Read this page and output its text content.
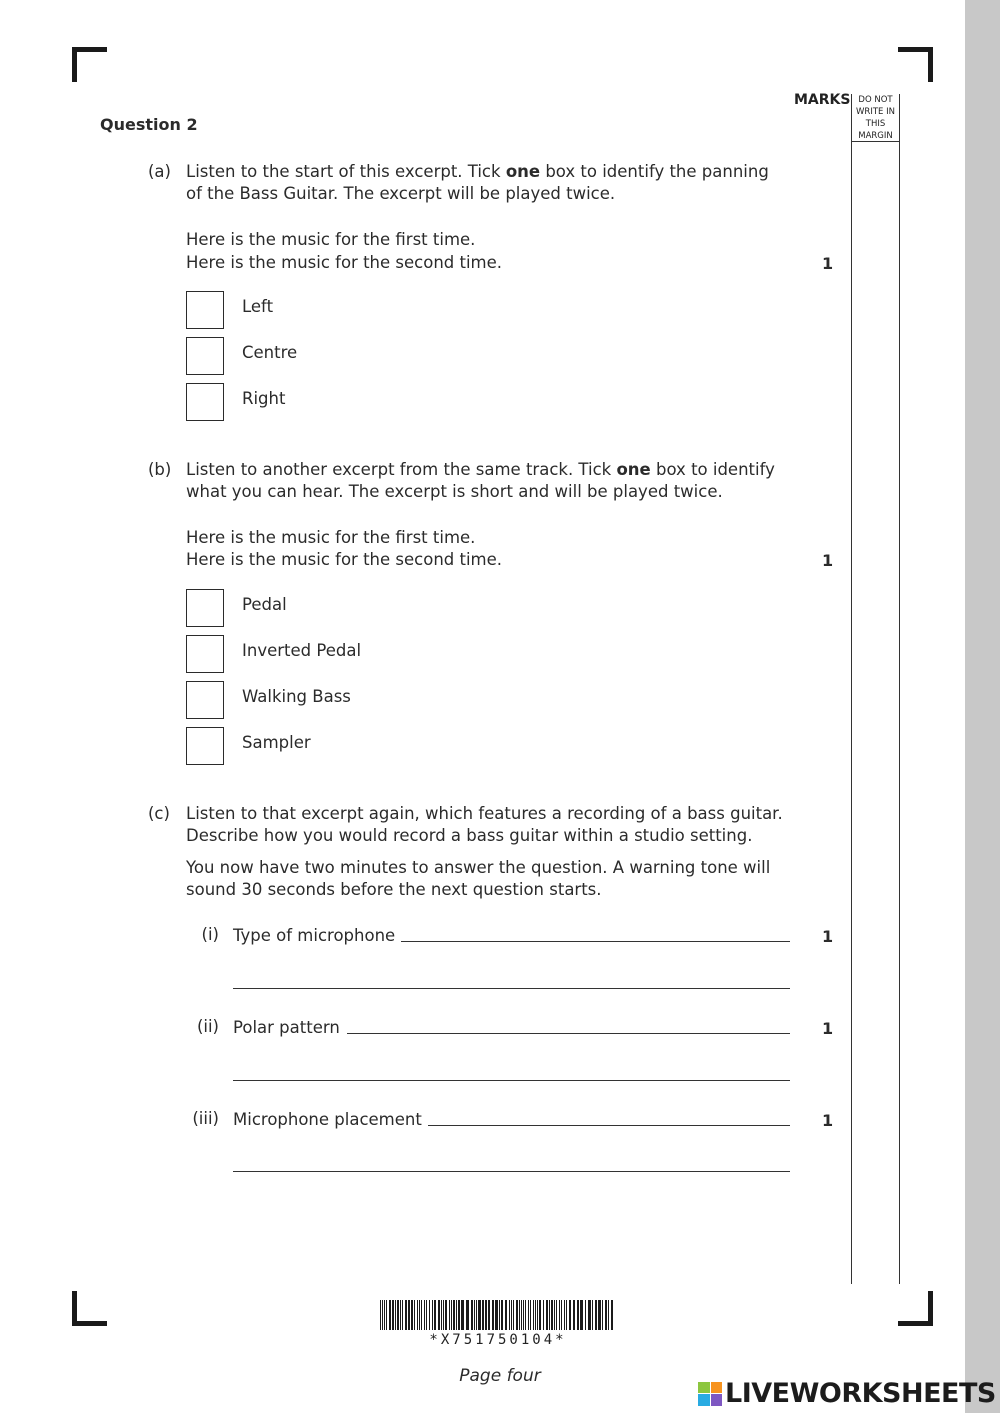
MARKS DO NOT
WRITE IN
THIS
MARGIN
Question 2
(a) Listen to the start of this excerpt. Tick one box to identify the panning
of the Bass Guitar. The excerpt will be played twice.
Here is the music for the first time.
Here is the music for the second time.	1
Left
Centre
Right
(b) Listen to another excerpt from the same track. Tick one box to identify
what you can hear. The excerpt is short and will be played twice.
Here is the music for the first time.
Here is the music for the second time.	1
Pedal
Inverted Pedal
Walking Bass
Sampler
(c) Listen to that excerpt again, which features a recording of a bass guitar.
Describe how you would record a bass guitar within a studio setting.
You now have two minutes to answer the question. A warning tone will
sound 30 seconds before the next question starts.
(i) Type of microphone	1
(ii) Polar pattern	1
(iii) Microphone placement	1
*X751750104*
Page four
LIVEWORKSHEETS
